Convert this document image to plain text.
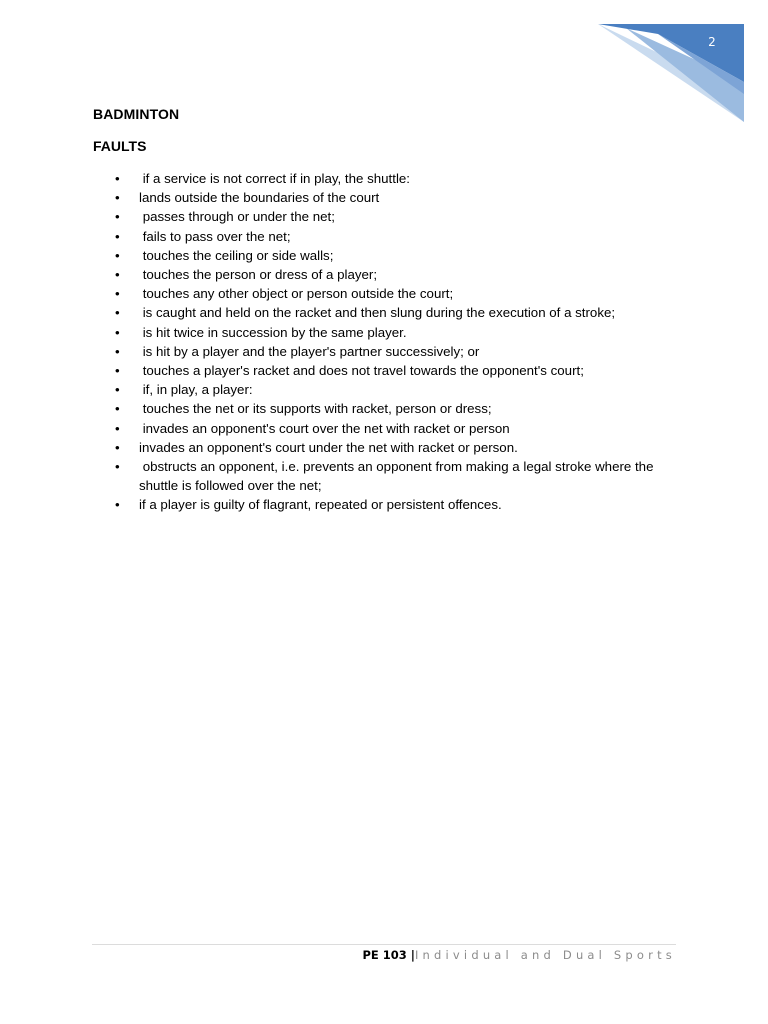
2
BADMINTON
FAULTS
•	if a service is not correct if in play, the shuttle:
•	lands outside the boundaries of the court
•	passes through or under the net;
•	fails to pass over the net;
•	touches the ceiling or side walls;
•	touches the person or dress of a player;
•	touches any other object or person outside the court;
•	is caught and held on the racket and then slung during the execution of a stroke;
•	is hit twice in succession by the same player.
•	is hit by a player and the player's partner successively; or
•	touches a player's racket and does not travel towards the opponent's court;
•	if, in play, a player:
•	touches the net or its supports with racket, person or dress;
•	invades an opponent's court over the net with racket or person
•	invades an opponent's court under the net with racket or person.
•	obstructs an opponent, i.e. prevents an opponent from making a legal stroke where the shuttle is followed over the net;
•	if a player is guilty of flagrant, repeated or persistent offences.
PE 103 |Individual and Dual Sports
